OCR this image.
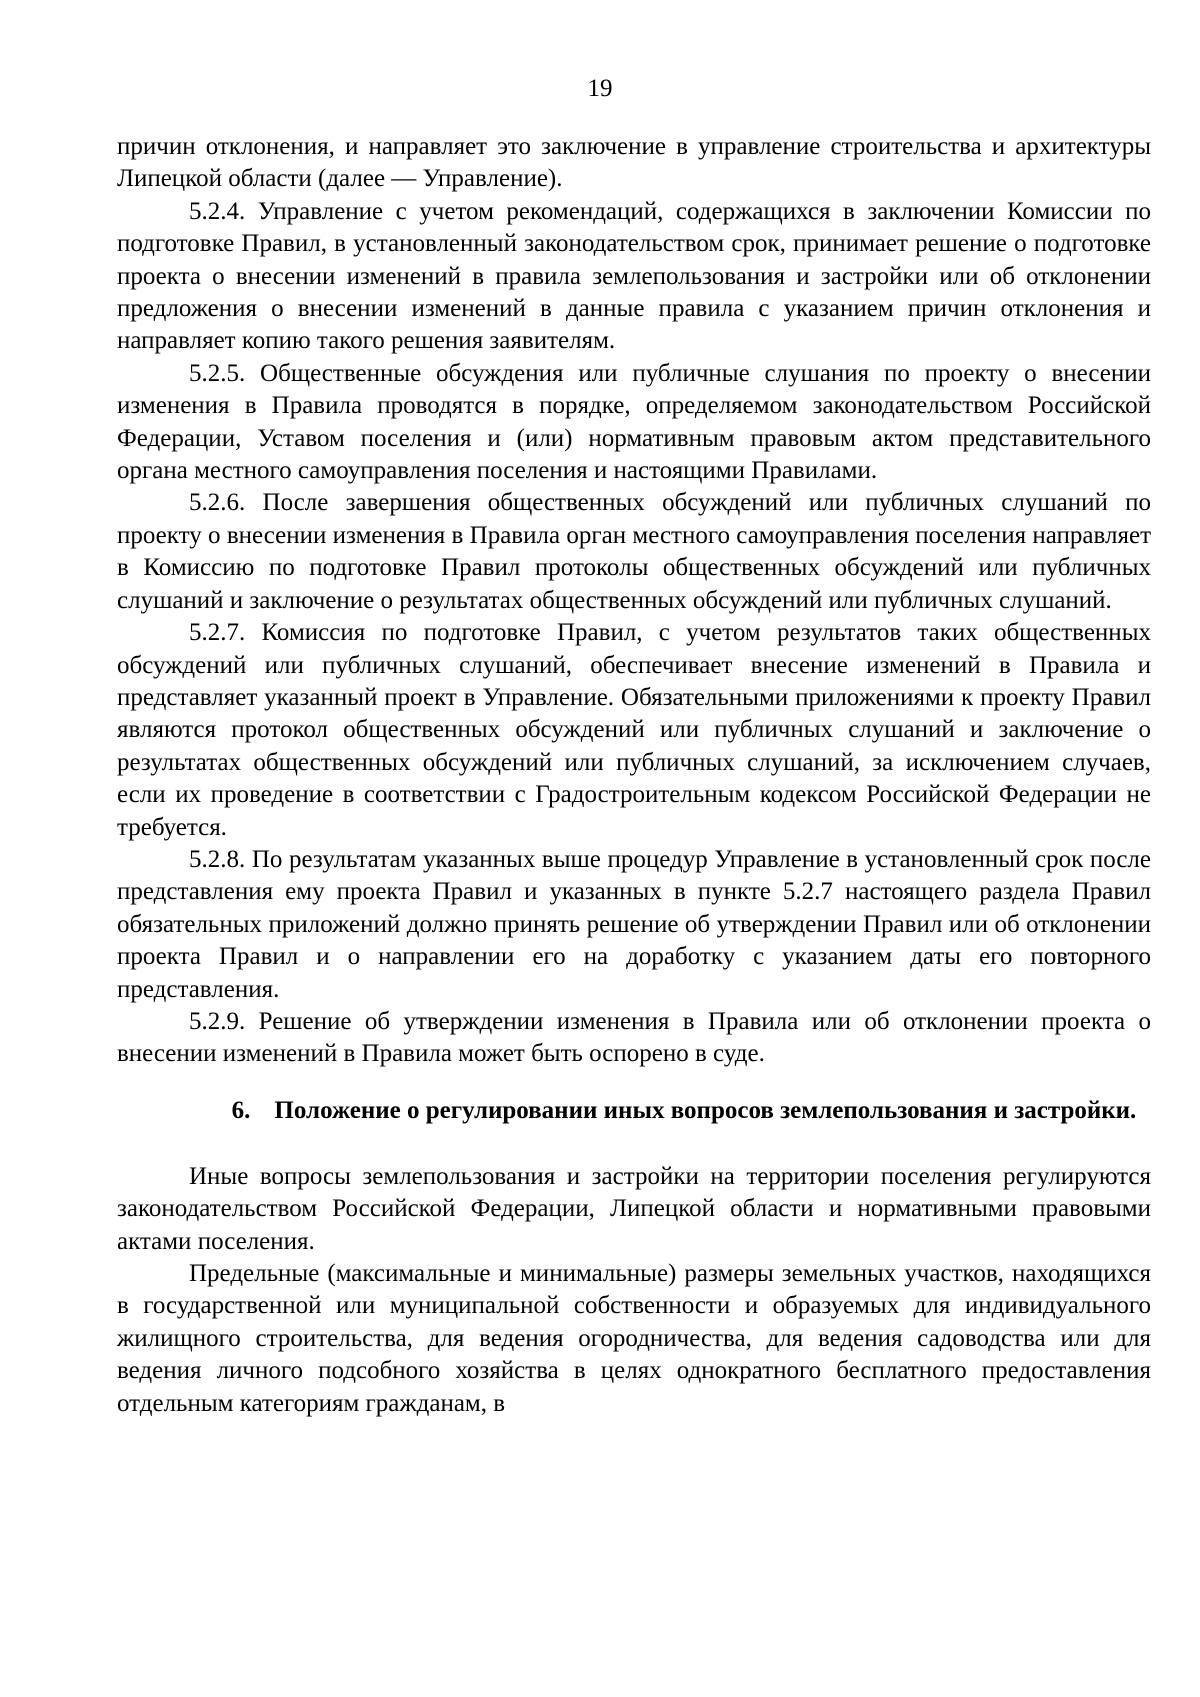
19

причин отклонения, и направляет это заключение в управление строительства и архитектуры Липецкой области (далее — Управление).

5.2.4. Управление с учетом рекомендаций, содержащихся в заключении Комиссии по подготовке Правил, в установленный законодательством срок, принимает решение о подготовке проекта о внесении изменений в правила землепользования и застройки или об отклонении предложения о внесении изменений в данные правила с указанием причин отклонения и направляет копию такого решения заявителям.

5.2.5. Общественные обсуждения или публичные слушания по проекту о внесении изменения в Правила проводятся в порядке, определяемом законодательством Российской Федерации, Уставом поселения и (или) нормативным правовым актом представительного органа местного самоуправления поселения и настоящими Правилами.

5.2.6. После завершения общественных обсуждений или публичных слушаний по проекту о внесении изменения в Правила орган местного самоуправления поселения направляет в Комиссию по подготовке Правил протоколы общественных обсуждений или публичных слушаний и заключение о результатах общественных обсуждений или публичных слушаний.

5.2.7. Комиссия по подготовке Правил, с учетом результатов таких общественных обсуждений или публичных слушаний, обеспечивает внесение изменений в Правила и представляет указанный проект в Управление. Обязательными приложениями к проекту Правил являются протокол общественных обсуждений или публичных слушаний и заключение о результатах общественных обсуждений или публичных слушаний, за исключением случаев, если их проведение в соответствии с Градостроительным кодексом Российской Федерации не требуется.

5.2.8. По результатам указанных выше процедур Управление в установленный срок после представления ему проекта Правил и указанных в пункте 5.2.7 настоящего раздела Правил обязательных приложений должно принять решение об утверждении Правил или об отклонении проекта Правил и о направлении его на доработку с указанием даты его повторного представления.

5.2.9. Решение об утверждении изменения в Правила или об отклонении проекта о внесении изменений в Правила может быть оспорено в суде.

6. Положение о регулировании иных вопросов землепользования и застройки.

Иные вопросы землепользования и застройки на территории поселения регулируются законодательством Российской Федерации, Липецкой области и нормативными правовыми актами поселения.

Предельные (максимальные и минимальные) размеры земельных участков, находящихся в государственной или муниципальной собственности и образуемых для индивидуального жилищного строительства, для ведения огородничества, для ведения садоводства или для ведения личного подсобного хозяйства в целях однократного бесплатного предоставления отдельным категориям гражданам, в
